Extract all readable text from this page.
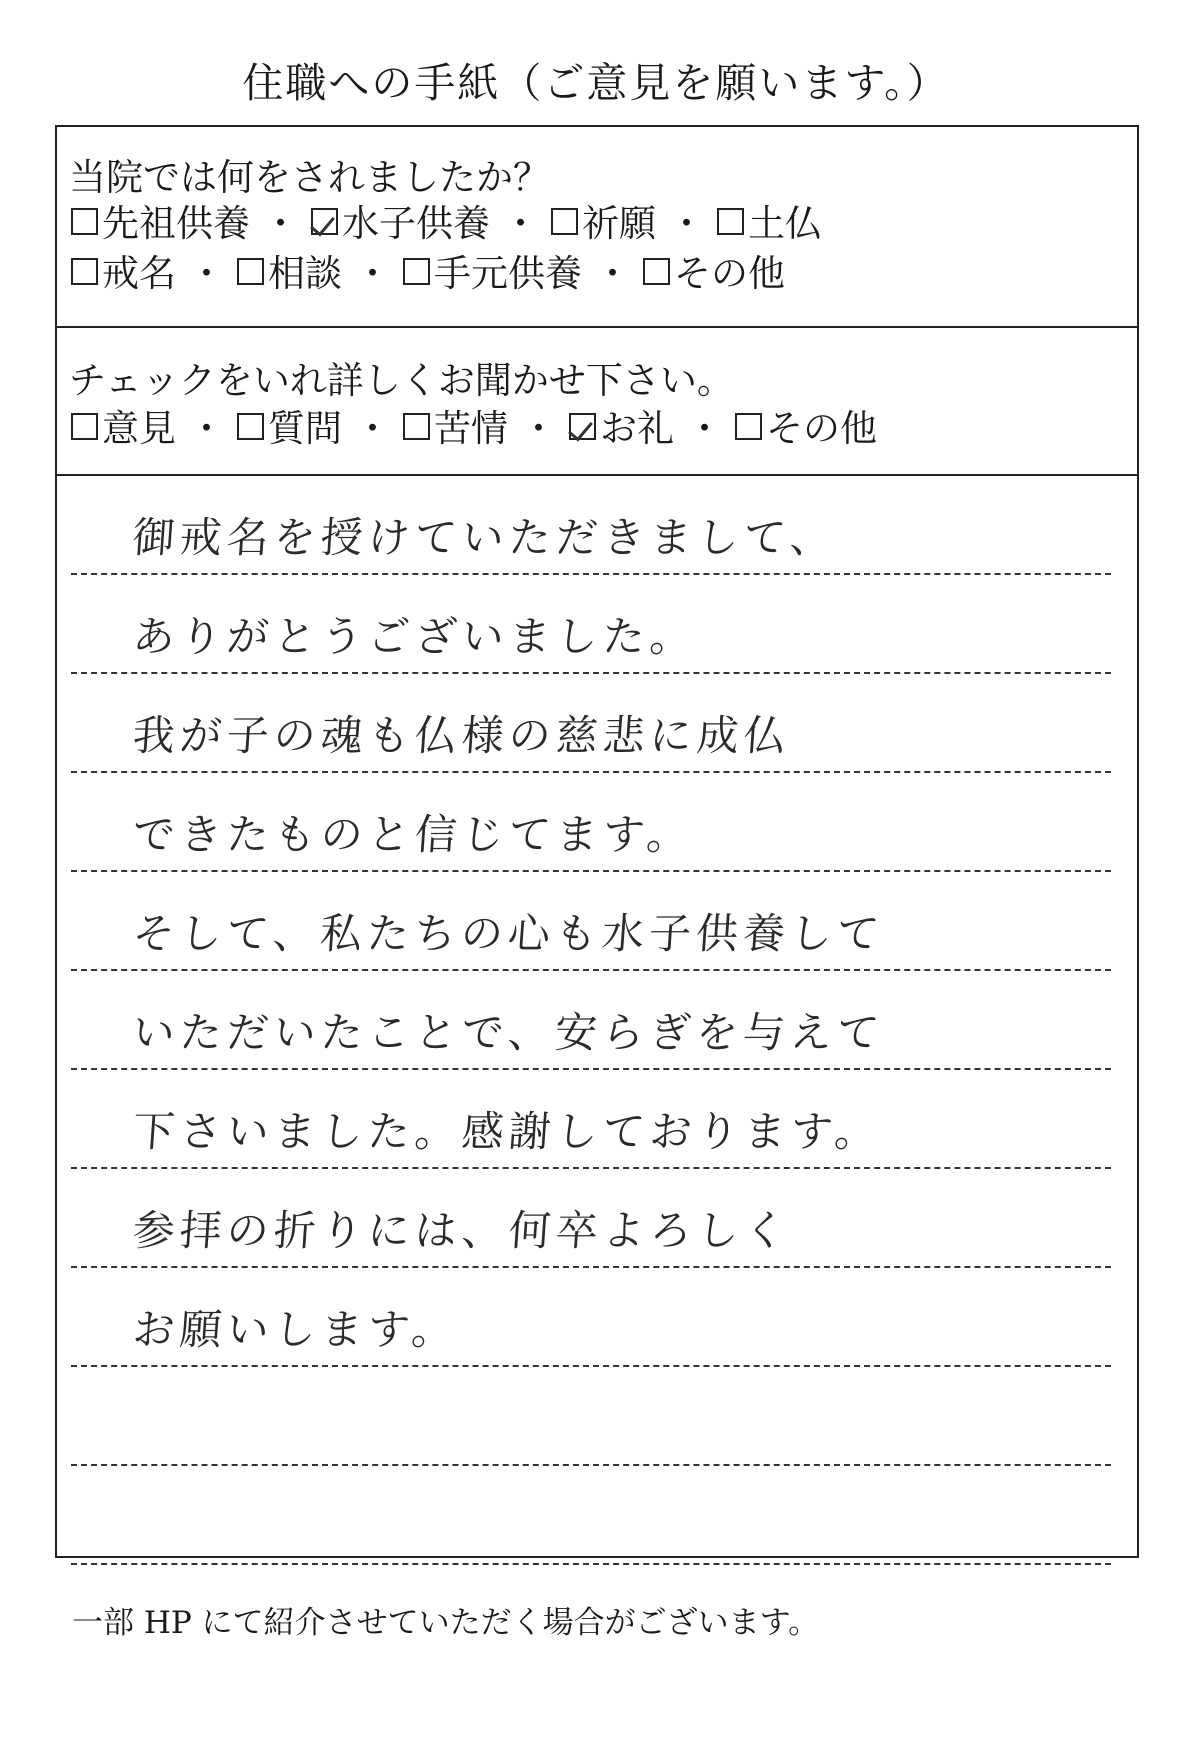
住職への手紙（ご意見を願います。）
当院では何をされましたか？
先祖供養 ・ 水子供養 ・ 祈願 ・ 土仏
戒名 ・ 相談 ・ 手元供養 ・ その他
チェックをいれ詳しくお聞かせ下さい。
意見 ・ 質問 ・ 苦情 ・ お礼 ・ その他
御戒名を授けていただきまして、
ありがとうございました。
我が子の魂も仏様の慈悲に成仏
できたものと信じてます。
そして、私たちの心も水子供養して
いただいたことで、安らぎを与えて
下さいました。感謝しております。
参拝の折りには、何卒よろしく
お願いします。
一部 HP にて紹介させていただく場合がございます。
